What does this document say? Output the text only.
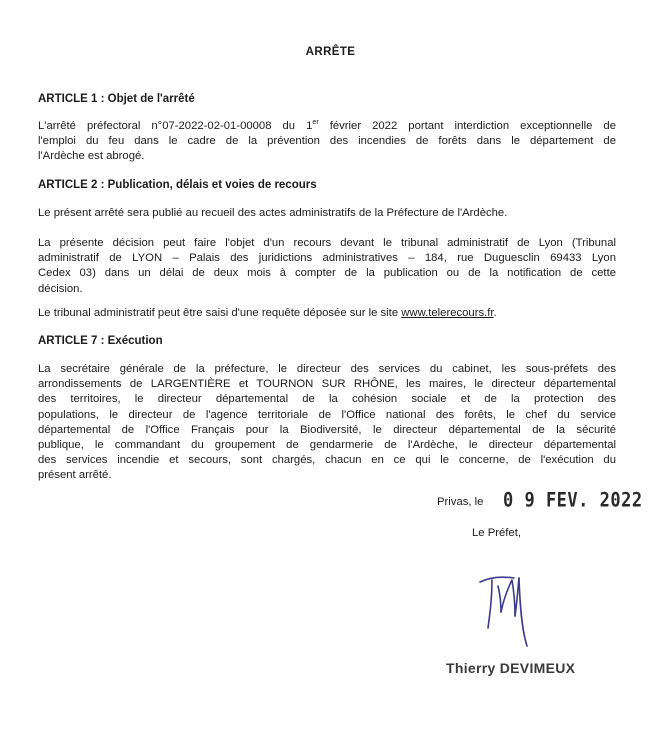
ARRÊTE
ARTICLE 1 : Objet de l'arrêté
L'arrêté préfectoral n°07-2022-02-01-00008 du 1er février 2022 portant interdiction exceptionnelle de
l'emploi du feu dans le cadre de la prévention des incendies de forêts dans le département de
l'Ardèche est abrogé.
ARTICLE 2 : Publication, délais et voies de recours
Le présent arrêté sera publié au recueil des actes administratifs de la Préfecture de l'Ardèche.
La présente décision peut faire l'objet d'un recours devant le tribunal administratif de Lyon (Tribunal
administratif de LYON – Palais des juridictions administratives – 184, rue Duguesclin 69433 Lyon
Cedex 03) dans un délai de deux mois à compter de la publication ou de la notification de cette
décision.
Le tribunal administratif peut être saisi d'une requête déposée sur le site www.telerecours.fr.
ARTICLE 7 : Exécution
La secrétaire générale de la préfecture, le directeur des services du cabinet, les sous-préfets des
arrondissements de LARGENTIÈRE et TOURNON SUR RHÔNE, les maires, le directeur départemental
des territoires, le directeur départemental de la cohésion sociale et de la protection des
populations, le directeur de l'agence territoriale de l'Office national des forêts, le chef du service
départemental de l'Office Français pour la Biodiversité, le directeur départemental de la sécurité
publique, le commandant du groupement de gendarmerie de l'Ardèche, le directeur départemental
des services incendie et secours, sont chargés, chacun en ce qui le concerne, de l'exécution du
présent arrêté.
Privas, le 0 9 FEV. 2022
Le Préfet,
Thierry DEVIMEUX
